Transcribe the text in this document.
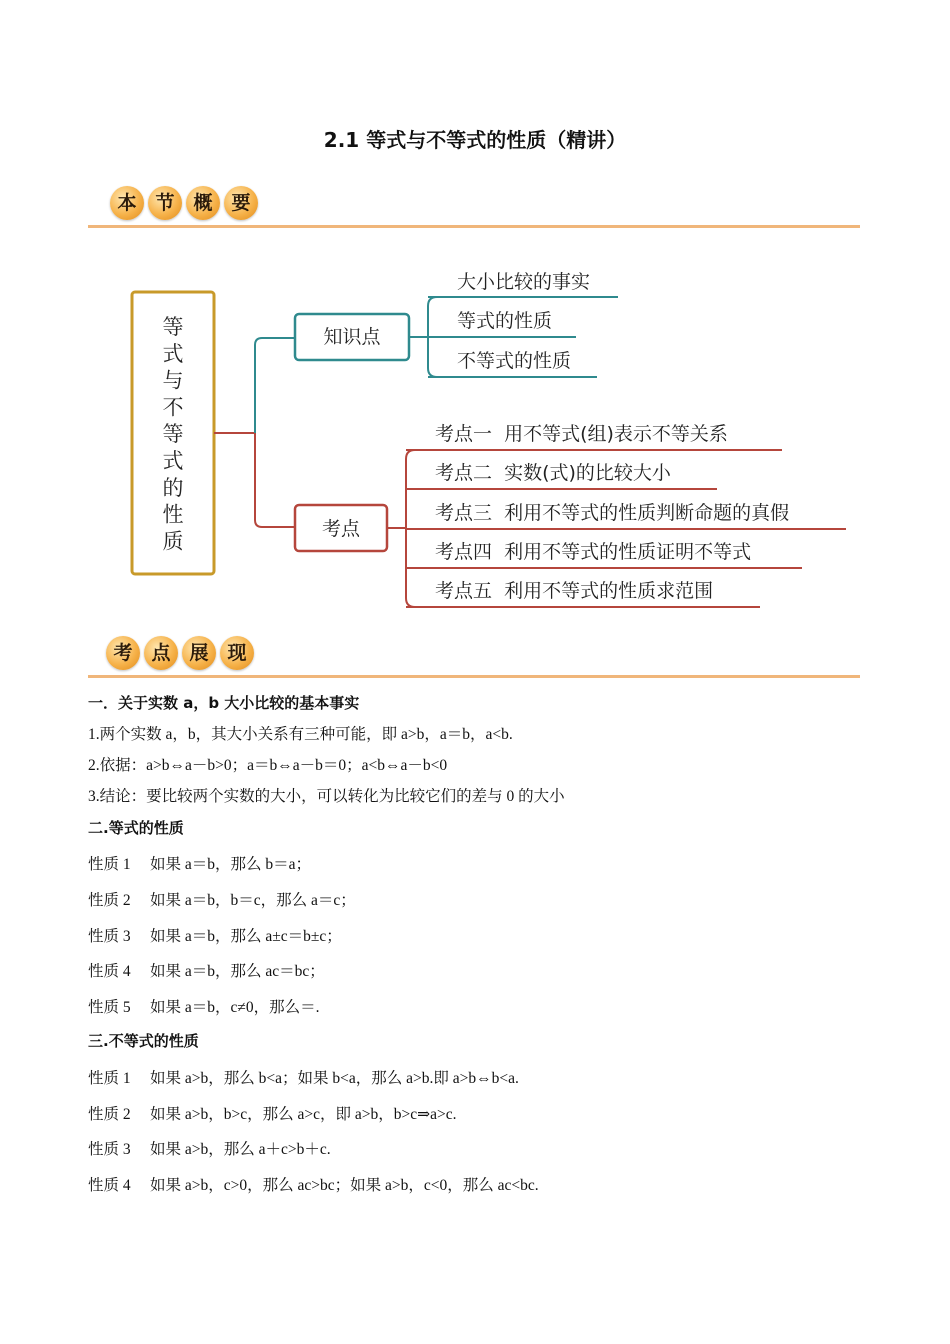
2.1 等式与不等式的性质（精讲）
本 节 概 要
等
式
与
不
等
式
的
性
质
知识点
大小比较的事实
等式的性质
不等式的性质
考点
考点一  用不等式(组)表示不等关系
考点二  实数(式)的比较大小
考点三  利用不等式的性质判断命题的真假
考点四  利用不等式的性质证明不等式
考点五  利用不等式的性质求范围
考 点 展 现
一．关于实数 a，b 大小比较的基本事实
1.两个实数 a，b，其大小关系有三种可能，即 a>b，a＝b，a<b.
2.依据：a>b⇔a－b>0；a＝b⇔a－b＝0；a<b⇔a－b<0
3.结论：要比较两个实数的大小，可以转化为比较它们的差与 0 的大小
二.等式的性质
性质 1 如果 a＝b，那么 b＝a；
性质 2 如果 a＝b，b＝c，那么 a＝c；
性质 3 如果 a＝b，那么 a±c＝b±c；
性质 4 如果 a＝b，那么 ac＝bc；
性质 5 如果 a＝b，c≠0，那么＝.
三.不等式的性质
性质 1 如果 a>b，那么 b<a；如果 b<a，那么 a>b.即 a>b⇔b<a.
性质 2 如果 a>b，b>c，那么 a>c，即 a>b，b>c⇒a>c.
性质 3 如果 a>b，那么 a＋c>b＋c.
性质 4 如果 a>b，c>0，那么 ac>bc；如果 a>b，c<0，那么 ac<bc.
